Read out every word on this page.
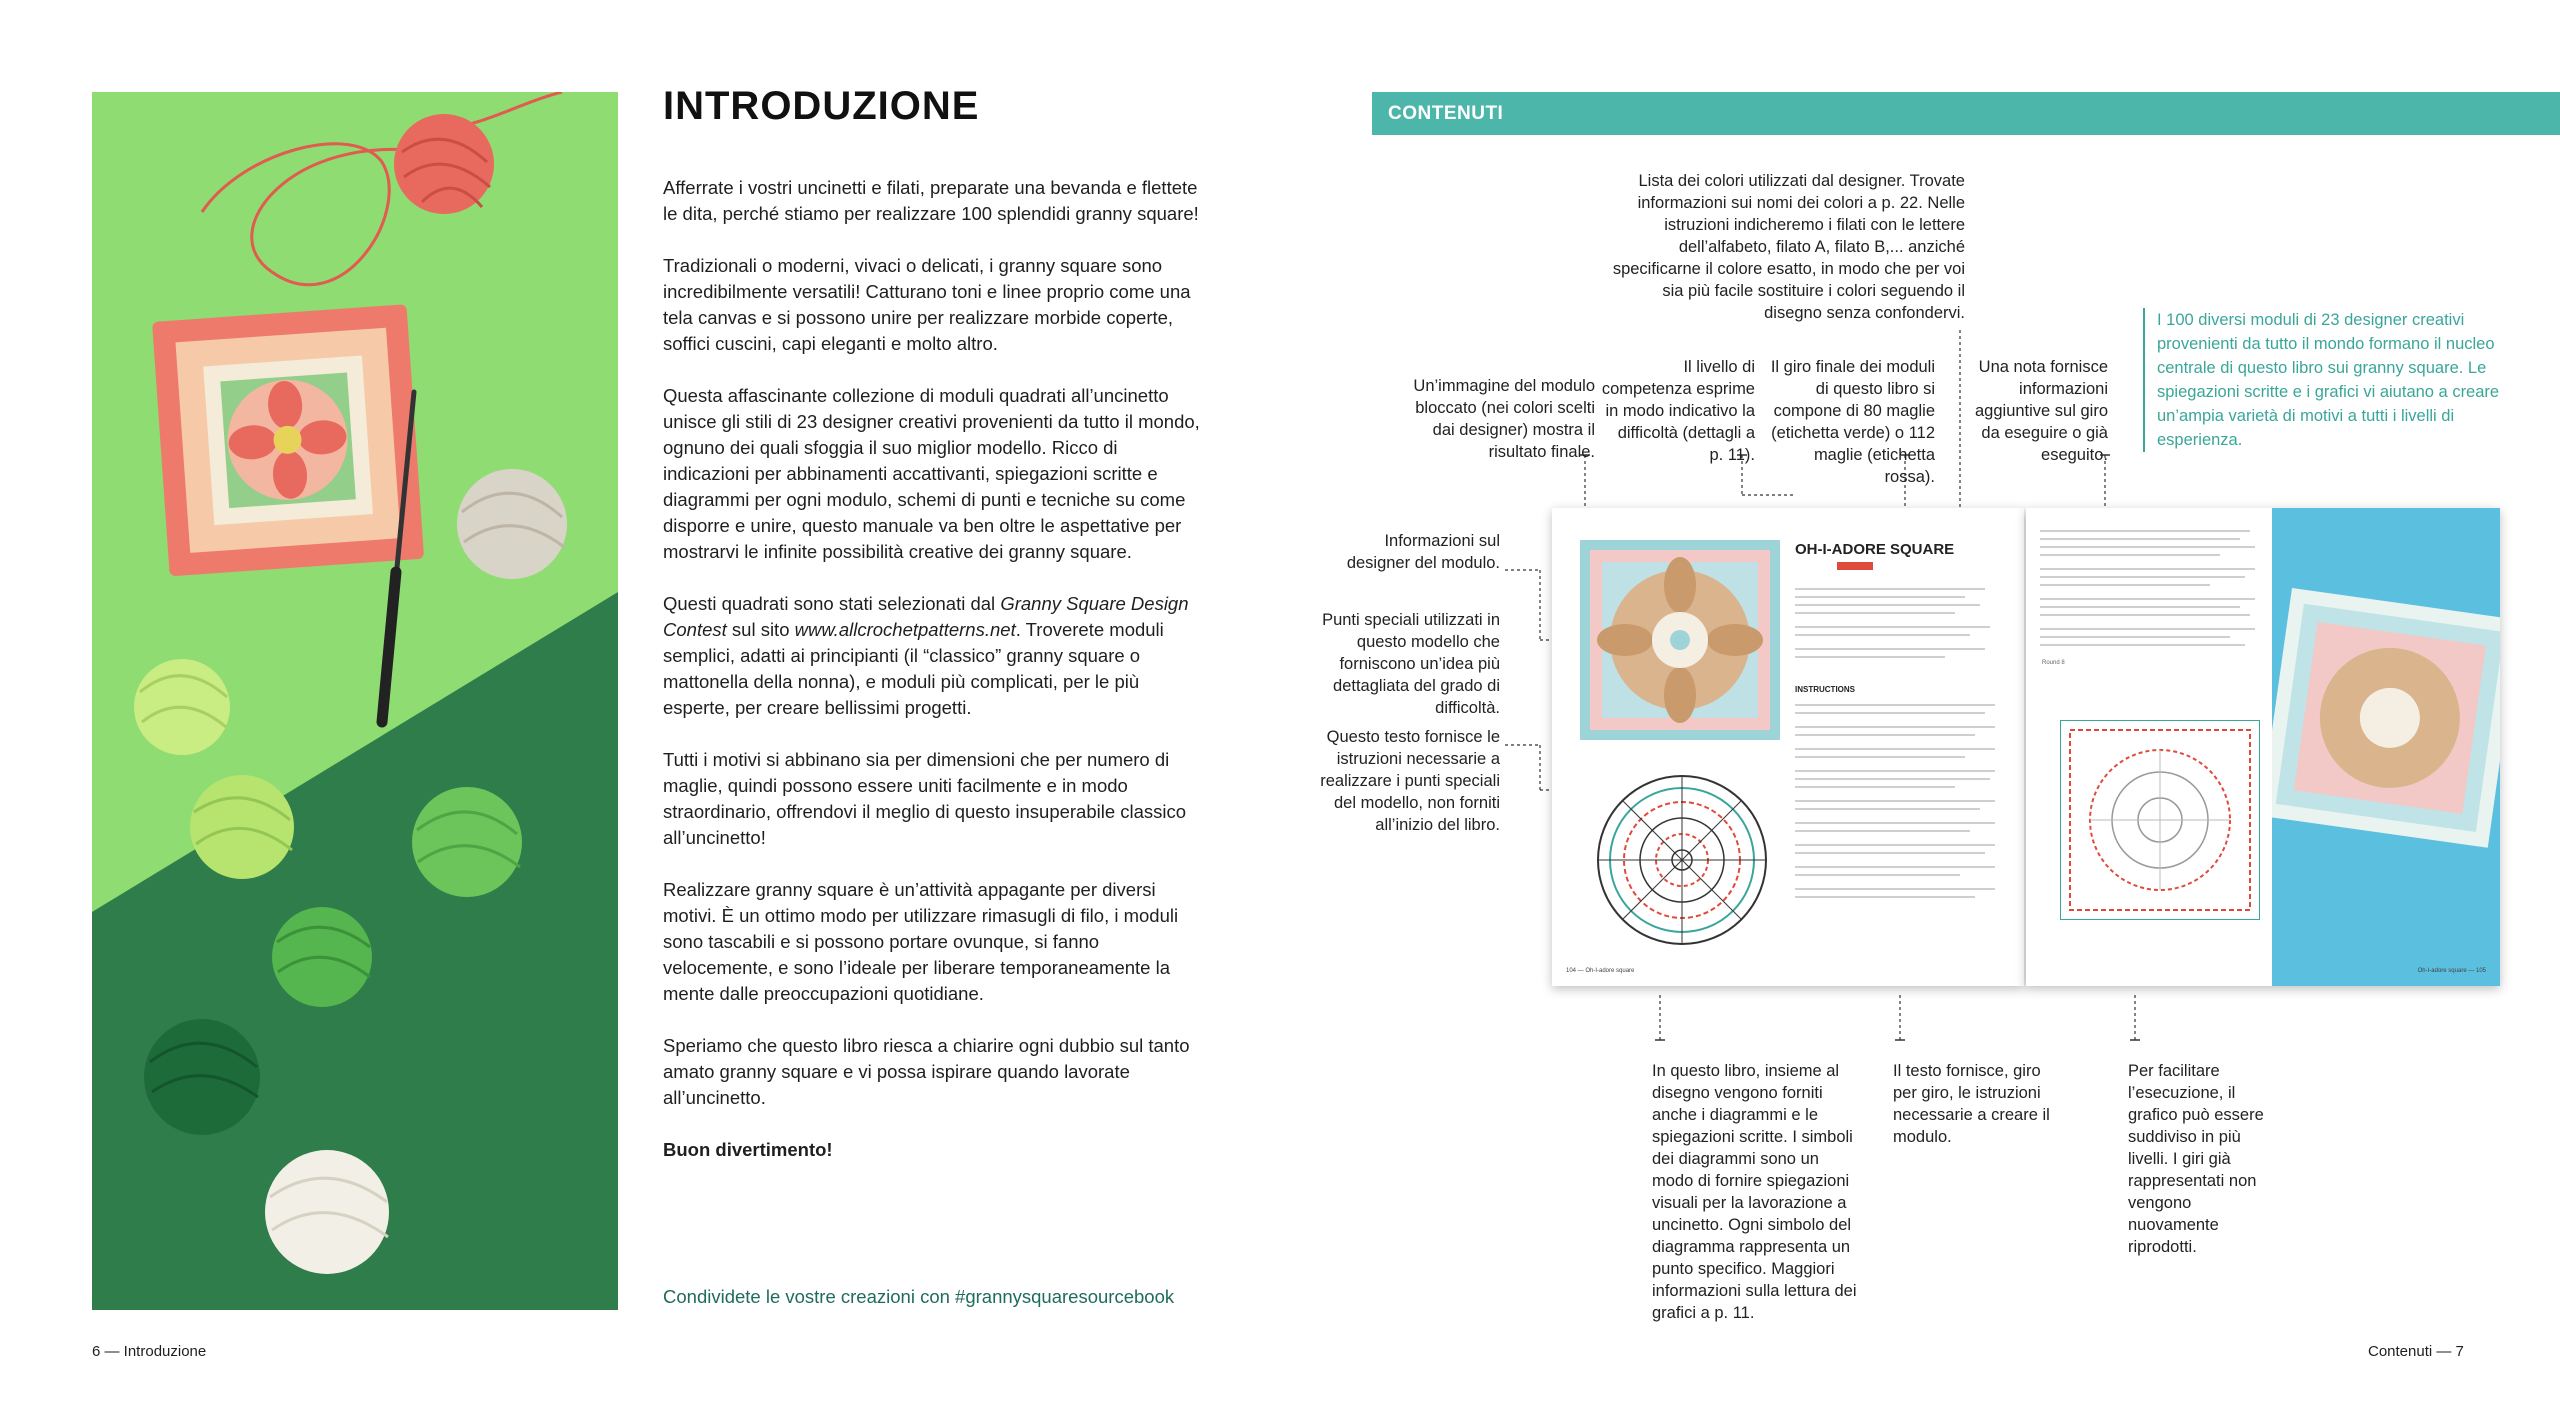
INTRODUZIONE

Afferrate i vostri uncinetti e filati, preparate una bevanda e flettete le dita, perché stiamo per realizzare 100 splendidi granny square!

Tradizionali o moderni, vivaci o delicati, i granny square sono incredibilmente versatili! Catturano toni e linee proprio come una tela canvas e si possono unire per realizzare morbide coperte, soffici cuscini, capi eleganti e molto altro.

Questa affascinante collezione di moduli quadrati all’uncinetto unisce gli stili di 23 designer creativi provenienti da tutto il mondo, ognuno dei quali sfoggia il suo miglior modello. Ricco di indicazioni per abbinamenti accattivanti, spiegazioni scritte e diagrammi per ogni modulo, schemi di punti e tecniche su come disporre e unire, questo manuale va ben oltre le aspettative per mostrarvi le infinite possibilità creative dei granny square.

Questi quadrati sono stati selezionati dal Granny Square Design Contest sul sito www.allcrochetpatterns.net. Troverete moduli semplici, adatti ai principianti (il “classico” granny square o mattonella della nonna), e moduli più complicati, per le più esperte, per creare bellissimi progetti.

Tutti i motivi si abbinano sia per dimensioni che per numero di maglie, quindi possono essere uniti facilmente e in modo straordinario, offrendovi il meglio di questo insuperabile classico all’uncinetto!

Realizzare granny square è un’attività appagante per diversi motivi. È un ottimo modo per utilizzare rimasugli di filo, i moduli sono tascabili e si possono portare ovunque, si fanno velocemente, e sono l’ideale per liberare temporaneamente la mente dalle preoccupazioni quotidiane.

Speriamo che questo libro riesca a chiarire ogni dubbio sul tanto amato granny square e vi possa ispirare quando lavorate all’uncinetto.

Buon divertimento!

Condividete le vostre creazioni con #grannysquaresourcebook
6 — Introduzione
CONTENUTI
Lista dei colori utilizzati dal designer. Trovate informazioni sui nomi dei colori a p. 22. Nelle istruzioni indicheremo i filati con le lettere dell’alfabeto, filato A, filato B,... anziché specificarne il colore esatto, in modo che per voi sia più facile sostituire i colori seguendo il disegno senza confondervi.
Un’immagine del modulo bloccato (nei colori scelti dai designer) mostra il risultato finale.
Il livello di competenza esprime in modo indicativo la difficoltà (dettagli a p. 11).
Il giro finale dei moduli di questo libro si compone di 80 maglie (etichetta verde) o 112 maglie (etichetta rossa).
Una nota fornisce informazioni aggiuntive sul giro da eseguire o già eseguito.
I 100 diversi moduli di 23 designer creativi provenienti da tutto il mondo formano il nucleo centrale di questo libro sui granny square. Le spiegazioni scritte e i grafici vi aiutano a creare un’ampia varietà di motivi a tutti i livelli di esperienza.
Informazioni sul designer del modulo.
Punti speciali utilizzati in questo modello che forniscono un’idea più dettagliata del grado di difficoltà.
Questo testo fornisce le istruzioni necessarie a realizzare i punti speciali del modello, non forniti all’inizio del libro.
OH-I-ADORE SQUARE
INSTRUCTIONS
104 — Oh-I-adore square
Round 8
Oh-I-adore square — 105
In questo libro, insieme al disegno vengono forniti anche i diagrammi e le spiegazioni scritte. I simboli dei diagrammi sono un modo di fornire spiegazioni visuali per la lavorazione a uncinetto. Ogni simbolo del diagramma rappresenta un punto specifico. Maggiori informazioni sulla lettura dei grafici a p. 11.
Il testo fornisce, giro per giro, le istruzioni necessarie a creare il modulo.
Per facilitare l’esecuzione, il grafico può essere suddiviso in più livelli. I giri già rappresentati non vengono nuovamente riprodotti.
Contenuti — 7
